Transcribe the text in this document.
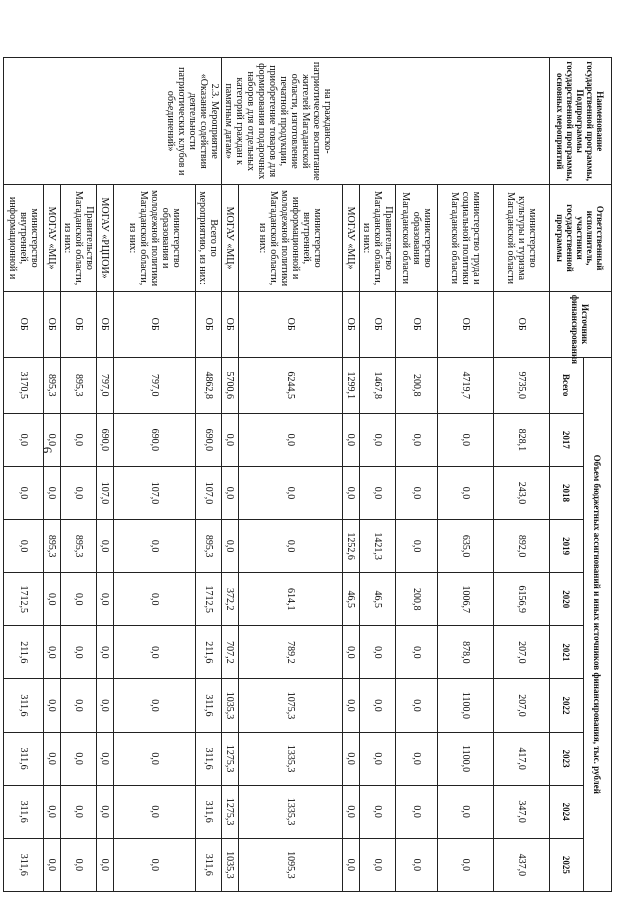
6
Наименование государственной программы, Подпрограммы государственной программы, основных мероприятий	Ответственный исполнитель, участники государственной программы	Источник финансирования	Объем бюджетных ассигнований и иных источников финансирования, тыс. рублей									
			Всего	2017	2018	2019	2020	2021	2022	2023	2024	2025
на гражданско-патриотическое воспитание жителей Магаданской области, изготовление печатной продукции, приобретение товаров для формирования подарочных наборов для отдельных категорий граждан к памятным датам»	министерство культуры и туризма Магаданской области	ОБ	9735,0	828,1	243,0	892,0	6156,9	207,0	207,0	417,0	347,0	437,0
	министерство труда и социальной политики Магаданской области	ОБ	4719,7	0,0	0,0	635,0	1006,7	878,0	1100,0	1100,0	0,0	0,0
	министерство образования Магаданской области	ОБ	200,8	0,0	0,0	0,0	200,8	0,0	0,0	0,0	0,0	0,0
	Правительство Магаданской области, из них:	ОБ	1467,8	0,0	0,0	1421,3	46,5	0,0	0,0	0,0	0,0	0,0
	МОГАУ «МЦ»	ОБ	1299,1	0,0	0,0	1252,6	46,5	0,0	0,0	0,0	0,0	0,0
	министерство внутренней, информационной и молодежной политики Магаданской области, из них:	ОБ	6244,5	0,0	0,0	0,0	614,1	789,2	1075,3	1335,3	1335,3	1095,3
	МОГАУ «МЦ»	ОБ	5700,6	0,0	0,0	0,0	372,2	707,2	1035,3	1275,3	1275,3	1035,3
2.3. Мероприятие «Оказание содействия деятельности патриотических клубов и объединений»	Всего по мероприятию, из них:	ОБ	4862,8	690,0	107,0	895,3	1712,5	211,6	311,6	311,6	311,6	311,6
	министерство образования и молодежной политики Магаданской области, из них:	ОБ	797,0	690,0	107,0	0,0	0,0	0,0	0,0	0,0	0,0	0,0
	МОГАУ «РЦПОИ»	ОБ	797,0	690,0	107,0	0,0	0,0	0,0	0,0	0,0	0,0	0,0
	Правительство Магаданской области, из них:	ОБ	895,3	0,0	0,0	895,3	0,0	0,0	0,0	0,0	0,0	0,0
	МОГАУ «МЦ»	ОБ	895,3	0,0	0,0	895,3	0,0	0,0	0,0	0,0	0,0	0,0
	министерство внутренней, информационной и	ОБ	3170,5	0,0	0,0	0,0	1712,5	211,6	311,6	311,6	311,6	311,6
